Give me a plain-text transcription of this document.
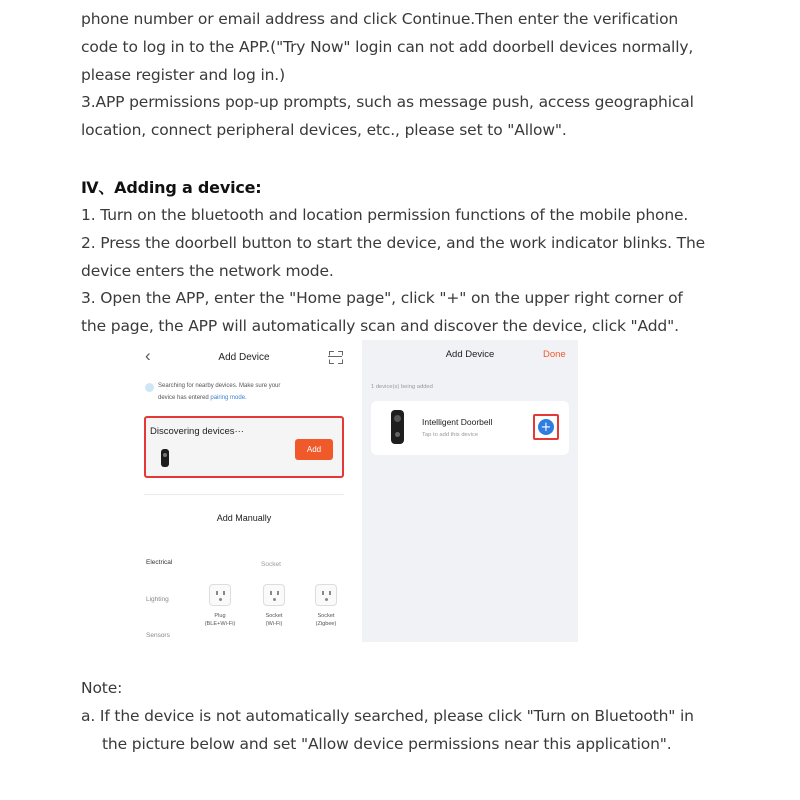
phone number or email address and click Continue.Then enter the verification

code to log in to the APP.("Try Now" login can not add doorbell devices normally,

please register and log in.)

3.APP permissions pop-up prompts, such as message push, access geographical

location, connect peripheral devices, etc., please set to "Allow".

Ⅳ、Adding a device:

1. Turn on the bluetooth and location permission functions of the mobile phone.

2. Press the doorbell button to start the device, and the work indicator blinks. The

device enters the network mode.

3. Open the APP, enter the "Home page", click "+" on the upper right corner of

the page, the APP will automatically scan and discover the device, click "Add".

‹	Add Device
Searching for nearby devices. Make sure your
device has entered pairing mode.
Discovering devices···
Add
Add Manually
Electrical
Lighting
Sensors
Socket
Plug
(BLE+Wi-Fi)
Socket
(Wi-Fi)
Socket
(Zigbee)
Add Device	Done
1 device(s) being added
Intelligent Doorbell
Tap to add this device
+

Note:

a. If the device is not automatically searched, please click "Turn on Bluetooth" in

the picture below and set "Allow device permissions near this application".
